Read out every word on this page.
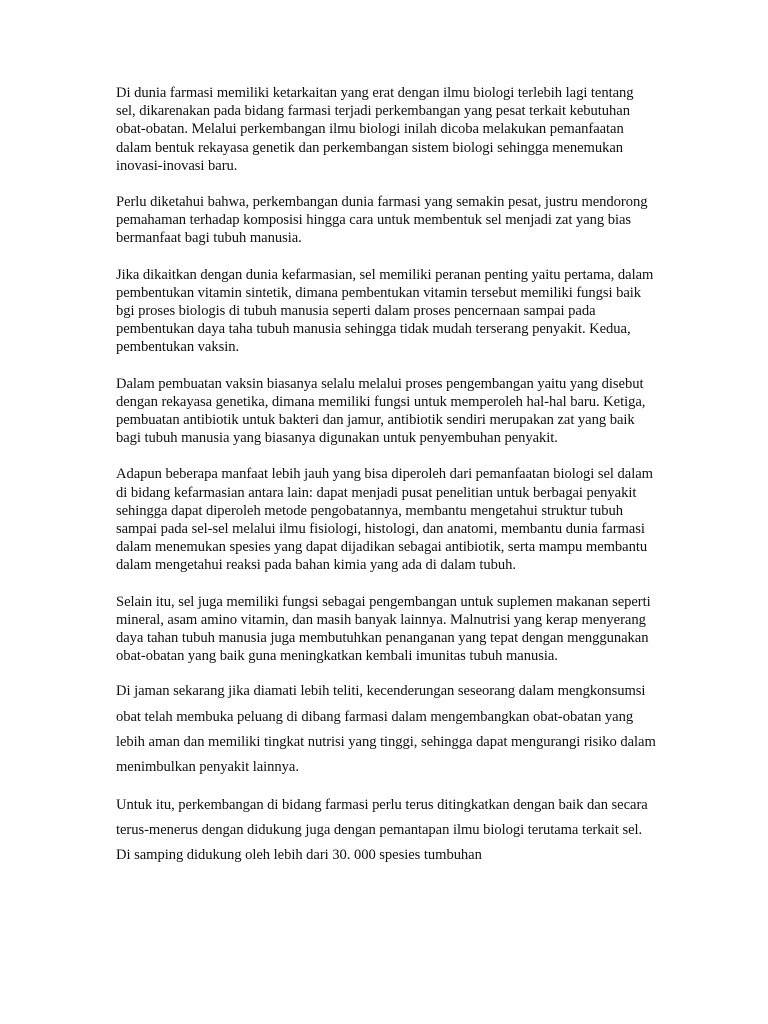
Di dunia farmasi memiliki ketarkaitan yang erat dengan ilmu biologi terlebih lagi tentang sel, dikarenakan pada bidang farmasi terjadi perkembangan yang pesat terkait kebutuhan obat-obatan. Melalui perkembangan ilmu biologi inilah dicoba melakukan pemanfaatan dalam bentuk rekayasa genetik dan perkembangan sistem biologi sehingga menemukan inovasi-inovasi baru.

Perlu diketahui bahwa, perkembangan dunia farmasi yang semakin pesat, justru mendorong pemahaman terhadap komposisi hingga cara untuk membentuk sel menjadi zat yang bias bermanfaat bagi tubuh manusia.

Jika dikaitkan dengan dunia kefarmasian, sel memiliki peranan penting yaitu pertama, dalam pembentukan vitamin sintetik, dimana pembentukan vitamin tersebut memiliki fungsi baik bgi proses biologis di tubuh manusia seperti dalam proses pencernaan sampai pada pembentukan daya taha tubuh manusia sehingga tidak mudah terserang penyakit. Kedua, pembentukan vaksin.

Dalam pembuatan vaksin biasanya selalu melalui proses pengembangan yaitu yang disebut dengan rekayasa genetika, dimana memiliki fungsi untuk memperoleh hal-hal baru. Ketiga, pembuatan antibiotik untuk bakteri dan jamur, antibiotik sendiri merupakan zat yang baik bagi tubuh manusia yang biasanya digunakan untuk penyembuhan penyakit.

Adapun beberapa manfaat lebih jauh yang bisa diperoleh dari pemanfaatan biologi sel dalam di bidang kefarmasian antara lain: dapat menjadi pusat penelitian untuk berbagai penyakit sehingga dapat diperoleh metode pengobatannya, membantu mengetahui struktur tubuh sampai pada sel-sel melalui ilmu fisiologi, histologi, dan anatomi, membantu dunia farmasi dalam menemukan spesies yang dapat dijadikan sebagai antibiotik, serta mampu membantu dalam mengetahui reaksi pada bahan kimia yang ada di dalam tubuh.

Selain itu, sel juga memiliki fungsi sebagai pengembangan untuk suplemen makanan seperti mineral, asam amino vitamin, dan masih banyak lainnya. Malnutrisi yang kerap menyerang daya tahan tubuh manusia juga membutuhkan penanganan yang tepat dengan menggunakan obat-obatan yang baik guna meningkatkan kembali imunitas tubuh manusia.

Di jaman sekarang jika diamati lebih teliti, kecenderungan seseorang dalam mengkonsumsi obat telah membuka peluang di dibang farmasi dalam mengembangkan obat-obatan yang lebih aman dan memiliki tingkat nutrisi yang tinggi, sehingga dapat mengurangi risiko dalam menimbulkan penyakit lainnya.

Untuk itu, perkembangan di bidang farmasi perlu terus ditingkatkan dengan baik dan secara terus-menerus dengan didukung juga dengan pemantapan ilmu biologi terutama terkait sel. Di samping didukung oleh lebih dari 30. 000 spesies tumbuhan
